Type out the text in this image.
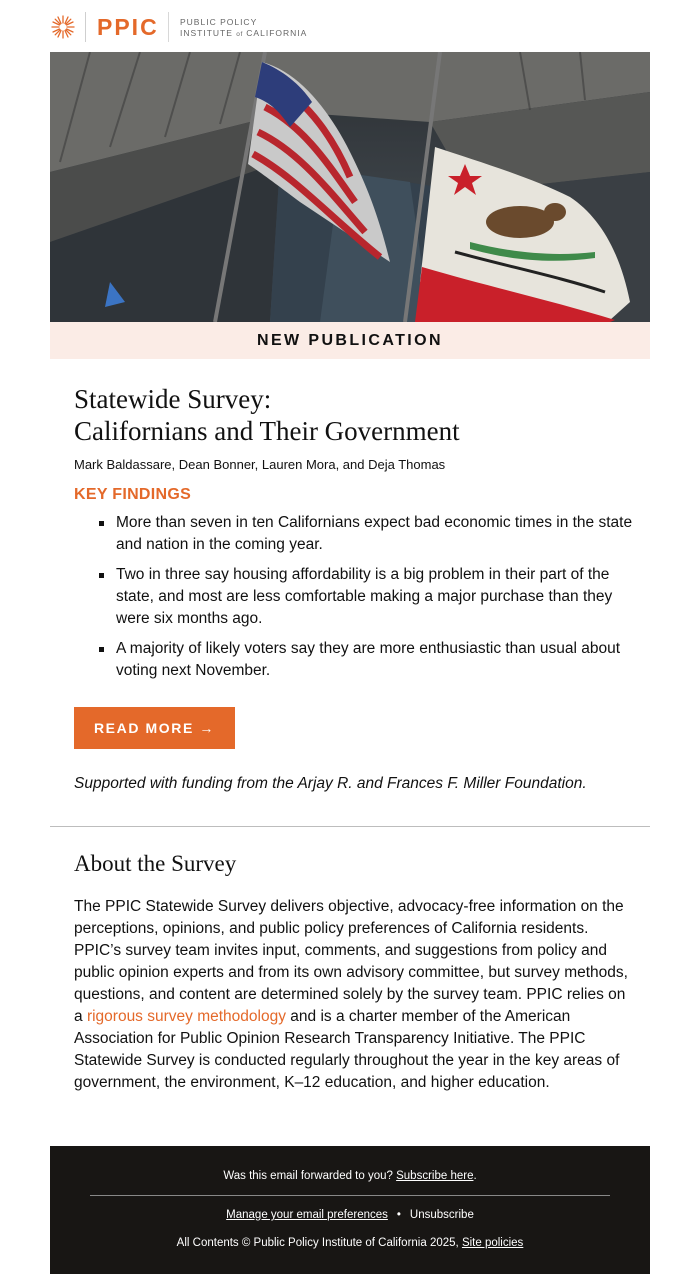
PPIC	PUBLIC POLICY
INSTITUTE of CALIFORNIA
NEW PUBLICATION
Statewide Survey:
Californians and Their Government
Mark Baldassare, Dean Bonner, Lauren Mora, and Deja Thomas
KEY FINDINGS
More than seven in ten Californians expect bad economic times in the state and nation in the coming year.
Two in three say housing affordability is a big problem in their part of the state, and most are less comfortable making a major purchase than they were six months ago.
A majority of likely voters say they are more enthusiastic than usual about voting next November.
READ MORE →
Supported with funding from the Arjay R. and Frances F. Miller Foundation.
About the Survey

The PPIC Statewide Survey delivers objective, advocacy-free information on the perceptions, opinions, and public policy preferences of California residents. PPIC’s survey team invites input, comments, and suggestions from policy and public opinion experts and from its own advisory committee, but survey methods, questions, and content are determined solely by the survey team. PPIC relies on a rigorous survey methodology and is a charter member of the American Association for Public Opinion Research Transparency Initiative. The PPIC Statewide Survey is conducted regularly throughout the year in the key areas of government, the environment, K–12 education, and higher education.

Was this email forwarded to you? Subscribe here.
Manage your email preferences • Unsubscribe
All Contents © Public Policy Institute of California 2025, Site policies
